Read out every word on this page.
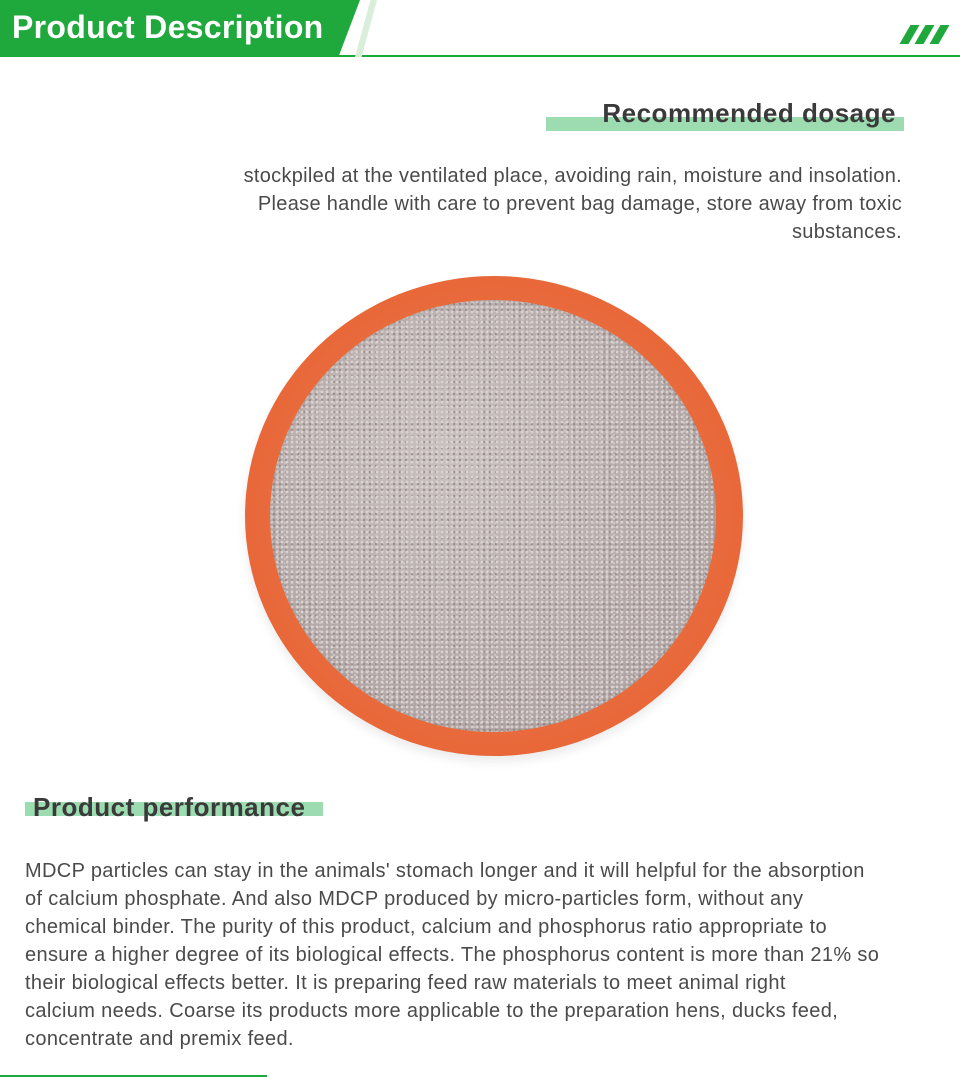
Product Description
Recommended dosage
stockpiled at the ventilated place, avoiding rain, moisture and insolation.
Please handle with care to prevent bag damage, store away from toxic
substances.
Product performance
MDCP particles can stay in the animals' stomach longer and it will helpful for the absorption
of calcium phosphate. And also MDCP produced by micro-particles form, without any
chemical binder. The purity of this product, calcium and phosphorus ratio appropriate to
ensure a higher degree of its biological effects. The phosphorus content is more than 21% so
their biological effects better. It is preparing feed raw materials to meet animal right
calcium needs. Coarse its products more applicable to the preparation hens, ducks feed,
concentrate and premix feed.
